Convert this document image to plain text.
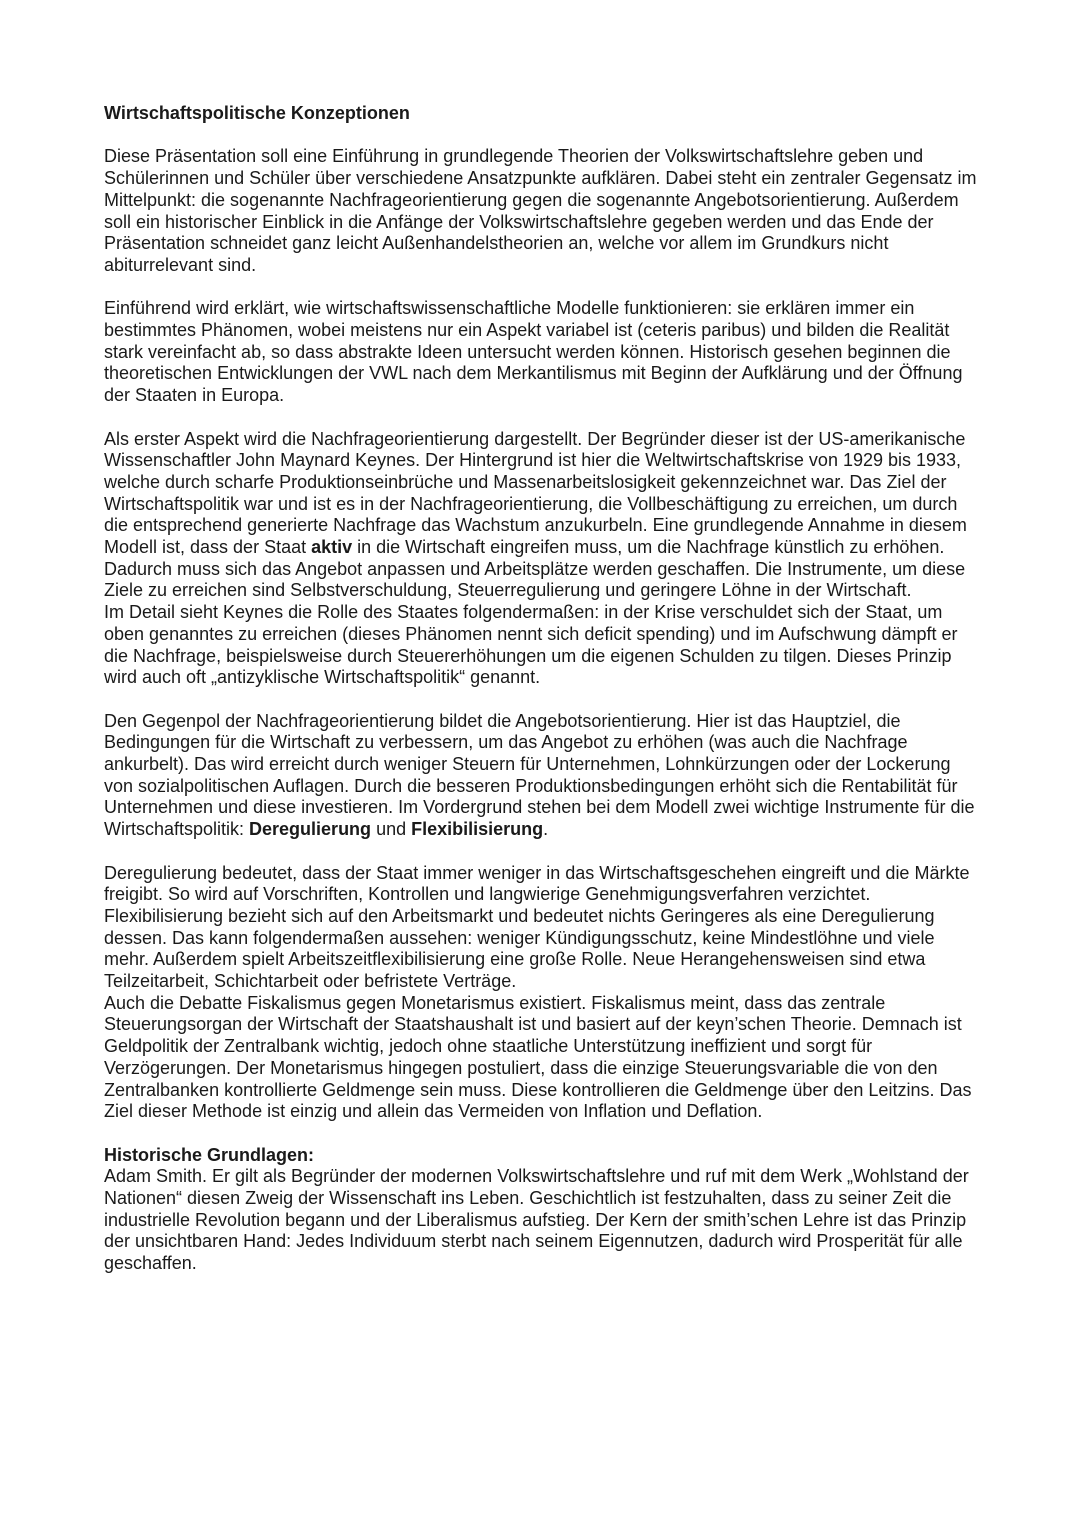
Wirtschaftspolitische Konzeptionen

Diese Präsentation soll eine Einführung in grundlegende Theorien der Volkswirtschaftslehre geben und Schülerinnen und Schüler über verschiedene Ansatzpunkte aufklären. Dabei steht ein zentraler Gegensatz im Mittelpunkt: die sogenannte Nachfrageorientierung gegen die sogenannte Angebotsorientierung. Außerdem soll ein historischer Einblick in die Anfänge der Volkswirtschaftslehre gegeben werden und das Ende der Präsentation schneidet ganz leicht Außenhandelstheorien an, welche vor allem im Grundkurs nicht abiturrelevant sind.

Einführend wird erklärt, wie wirtschaftswissenschaftliche Modelle funktionieren: sie erklären immer ein bestimmtes Phänomen, wobei meistens nur ein Aspekt variabel ist (ceteris paribus) und bilden die Realität stark vereinfacht ab, so dass abstrakte Ideen untersucht werden können. Historisch gesehen beginnen die theoretischen Entwicklungen der VWL nach dem Merkantilismus mit Beginn der Aufklärung und der Öffnung der Staaten in Europa.

Als erster Aspekt wird die Nachfrageorientierung dargestellt. Der Begründer dieser ist der US-amerikanische Wissenschaftler John Maynard Keynes. Der Hintergrund ist hier die Weltwirtschaftskrise von 1929 bis 1933, welche durch scharfe Produktionseinbrüche und Massenarbeitslosigkeit gekennzeichnet war. Das Ziel der Wirtschaftspolitik war und ist es in der Nachfrageorientierung, die Vollbeschäftigung zu erreichen, um durch die entsprechend generierte Nachfrage das Wachstum anzukurbeln. Eine grundlegende Annahme in diesem Modell ist, dass der Staat aktiv in die Wirtschaft eingreifen muss, um die Nachfrage künstlich zu erhöhen. Dadurch muss sich das Angebot anpassen und Arbeitsplätze werden geschaffen. Die Instrumente, um diese Ziele zu erreichen sind Selbstverschuldung, Steuerregulierung und geringere Löhne in der Wirtschaft.

Im Detail sieht Keynes die Rolle des Staates folgendermaßen: in der Krise verschuldet sich der Staat, um oben genanntes zu erreichen (dieses Phänomen nennt sich deficit spending) und im Aufschwung dämpft er die Nachfrage, beispielsweise durch Steuererhöhungen um die eigenen Schulden zu tilgen. Dieses Prinzip wird auch oft „antizyklische Wirtschaftspolitik“ genannt.

Den Gegenpol der Nachfrageorientierung bildet die Angebotsorientierung. Hier ist das Hauptziel, die Bedingungen für die Wirtschaft zu verbessern, um das Angebot zu erhöhen (was auch die Nachfrage ankurbelt). Das wird erreicht durch weniger Steuern für Unternehmen, Lohnkürzungen oder der Lockerung von sozialpolitischen Auflagen. Durch die besseren Produktionsbedingungen erhöht sich die Rentabilität für Unternehmen und diese investieren. Im Vordergrund stehen bei dem Modell zwei wichtige Instrumente für die Wirtschaftspolitik: Deregulierung und Flexibilisierung.

Deregulierung bedeutet, dass der Staat immer weniger in das Wirtschaftsgeschehen eingreift und die Märkte freigibt. So wird auf Vorschriften, Kontrollen und langwierige Genehmigungsverfahren verzichtet.

Flexibilisierung bezieht sich auf den Arbeitsmarkt und bedeutet nichts Geringeres als eine Deregulierung dessen. Das kann folgendermaßen aussehen: weniger Kündigungsschutz, keine Mindestlöhne und viele mehr. Außerdem spielt Arbeitszeitflexibilisierung eine große Rolle. Neue Herangehensweisen sind etwa Teilzeitarbeit, Schichtarbeit oder befristete Verträge.

Auch die Debatte Fiskalismus gegen Monetarismus existiert. Fiskalismus meint, dass das zentrale Steuerungsorgan der Wirtschaft der Staatshaushalt ist und basiert auf der keyn’schen Theorie. Demnach ist Geldpolitik der Zentralbank wichtig, jedoch ohne staatliche Unterstützung ineffizient und sorgt für Verzögerungen. Der Monetarismus hingegen postuliert, dass die einzige Steuerungsvariable die von den Zentralbanken kontrollierte Geldmenge sein muss. Diese kontrollieren die Geldmenge über den Leitzins. Das Ziel dieser Methode ist einzig und allein das Vermeiden von Inflation und Deflation.

Historische Grundlagen:

Adam Smith. Er gilt als Begründer der modernen Volkswirtschaftslehre und ruf mit dem Werk „Wohlstand der Nationen“ diesen Zweig der Wissenschaft ins Leben. Geschichtlich ist festzuhalten, dass zu seiner Zeit die industrielle Revolution begann und der Liberalismus aufstieg. Der Kern der smith’schen Lehre ist das Prinzip der unsichtbaren Hand: Jedes Individuum sterbt nach seinem Eigennutzen, dadurch wird Prosperität für alle geschaffen.
